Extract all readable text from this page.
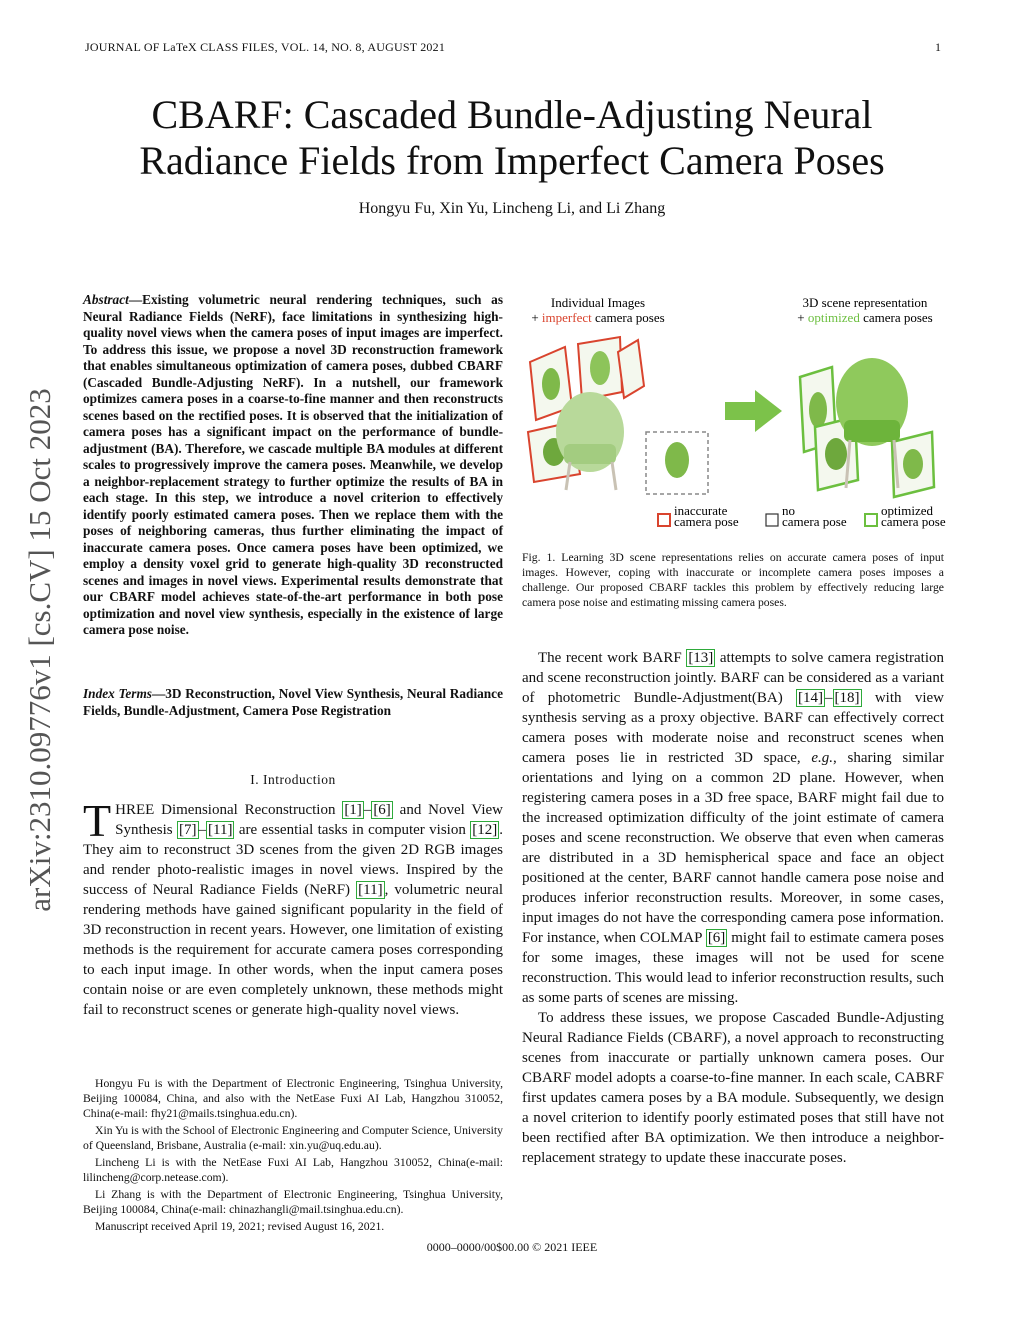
JOURNAL OF LaTeX CLASS FILES, VOL. 14, NO. 8, AUGUST 2021	1
CBARF: Cascaded Bundle-Adjusting Neural
Radiance Fields from Imperfect Camera Poses
Hongyu Fu, Xin Yu, Lincheng Li, and Li Zhang
arXiv:2310.09776v1 [cs.CV] 15 Oct 2023
Abstract—Existing volumetric neural rendering techniques, such as Neural Radiance Fields (NeRF), face limitations in synthesizing high-quality novel views when the camera poses of input images are imperfect. To address this issue, we propose a novel 3D reconstruction framework that enables simultaneous optimization of camera poses, dubbed CBARF (Cascaded Bundle-Adjusting NeRF). In a nutshell, our framework optimizes camera poses in a coarse-to-fine manner and then reconstructs scenes based on the rectified poses. It is observed that the initialization of camera poses has a significant impact on the performance of bundle-adjustment (BA). Therefore, we cascade multiple BA modules at different scales to progressively improve the camera poses. Meanwhile, we develop a neighbor-replacement strategy to further optimize the results of BA in each stage. In this step, we introduce a novel criterion to effectively identify poorly estimated camera poses. Then we replace them with the poses of neighboring cameras, thus further eliminating the impact of inaccurate camera poses. Once camera poses have been optimized, we employ a density voxel grid to generate high-quality 3D reconstructed scenes and images in novel views. Experimental results demonstrate that our CBARF model achieves state-of-the-art performance in both pose optimization and novel view synthesis, especially in the existence of large camera pose noise.
Index Terms—3D Reconstruction, Novel View Synthesis, Neural Radiance Fields, Bundle-Adjustment, Camera Pose Registration
I. Introduction
THREE Dimensional Reconstruction [1] – [6] and Novel View Synthesis [7] – [11] are essential tasks in computer vision [12] . They aim to reconstruct 3D scenes from the given 2D RGB images and render photo-realistic images in novel views. Inspired by the success of Neural Radiance Fields (NeRF) [11] , volumetric neural rendering methods have gained significant popularity in the field of 3D reconstruction in recent years. However, one limitation of existing methods is the requirement for accurate camera poses corresponding to each input image. In other words, when the input camera poses contain noise or are even completely unknown, these methods might fail to reconstruct scenes or generate high-quality novel views.

Hongyu Fu is with the Department of Electronic Engineering, Tsinghua University, Beijing 100084, China, and also with the NetEase Fuxi AI Lab, Hangzhou 310052, China(e-mail: fhy21@mails.tsinghua.edu.cn).

Xin Yu is with the School of Electronic Engineering and Computer Science, University of Queensland, Brisbane, Australia (e-mail: xin.yu@uq.edu.au).

Lincheng Li is with the NetEase Fuxi AI Lab, Hangzhou 310052, China(e-mail: lilincheng@corp.netease.com).

Li Zhang is with the Department of Electronic Engineering, Tsinghua University, Beijing 100084, China(e-mail: chinazhangli@mail.tsinghua.edu.cn).

Manuscript received April 19, 2021; revised August 16, 2021.

Individual Images
+ imperfect camera poses
3D scene representation
+ optimized camera poses
inaccurate
camera pose
no
camera pose
optimized
camera pose
Fig. 1. Learning 3D scene representations relies on accurate camera poses of input images. However, coping with inaccurate or incomplete camera poses imposes a challenge. Our proposed CBARF tackles this problem by effectively reducing large camera pose noise and estimating missing camera poses.

The recent work BARF [13] attempts to solve camera registration and scene reconstruction jointly. BARF can be considered as a variant of photometric Bundle-Adjustment(BA) [14] – [18] with view synthesis serving as a proxy objective. BARF can effectively correct camera poses with moderate noise and reconstruct scenes when camera poses lie in restricted 3D space, e.g., sharing similar orientations and lying on a common 2D plane. However, when registering camera poses in a 3D free space, BARF might fail due to the increased optimization difficulty of the joint estimate of camera poses and scene reconstruction. We observe that even when cameras are distributed in a 3D hemispherical space and face an object positioned at the center, BARF cannot handle camera pose noise and produces inferior reconstruction results. Moreover, in some cases, input images do not have the corresponding camera pose information. For instance, when COLMAP [6] might fail to estimate camera poses for some images, these images will not be used for scene reconstruction. This would lead to inferior reconstruction results, such as some parts of scenes are missing.

To address these issues, we propose Cascaded Bundle-Adjusting Neural Radiance Fields (CBARF), a novel approach to reconstructing scenes from inaccurate or partially unknown camera poses. Our CBARF model adopts a coarse-to-fine manner. In each scale, CABRF first updates camera poses by a BA module. Subsequently, we design a novel criterion to identify poorly estimated poses that still have not been rectified after BA optimization. We then introduce a neighbor-replacement strategy to update these inaccurate poses.

0000–0000/00$00.00 © 2021 IEEE
